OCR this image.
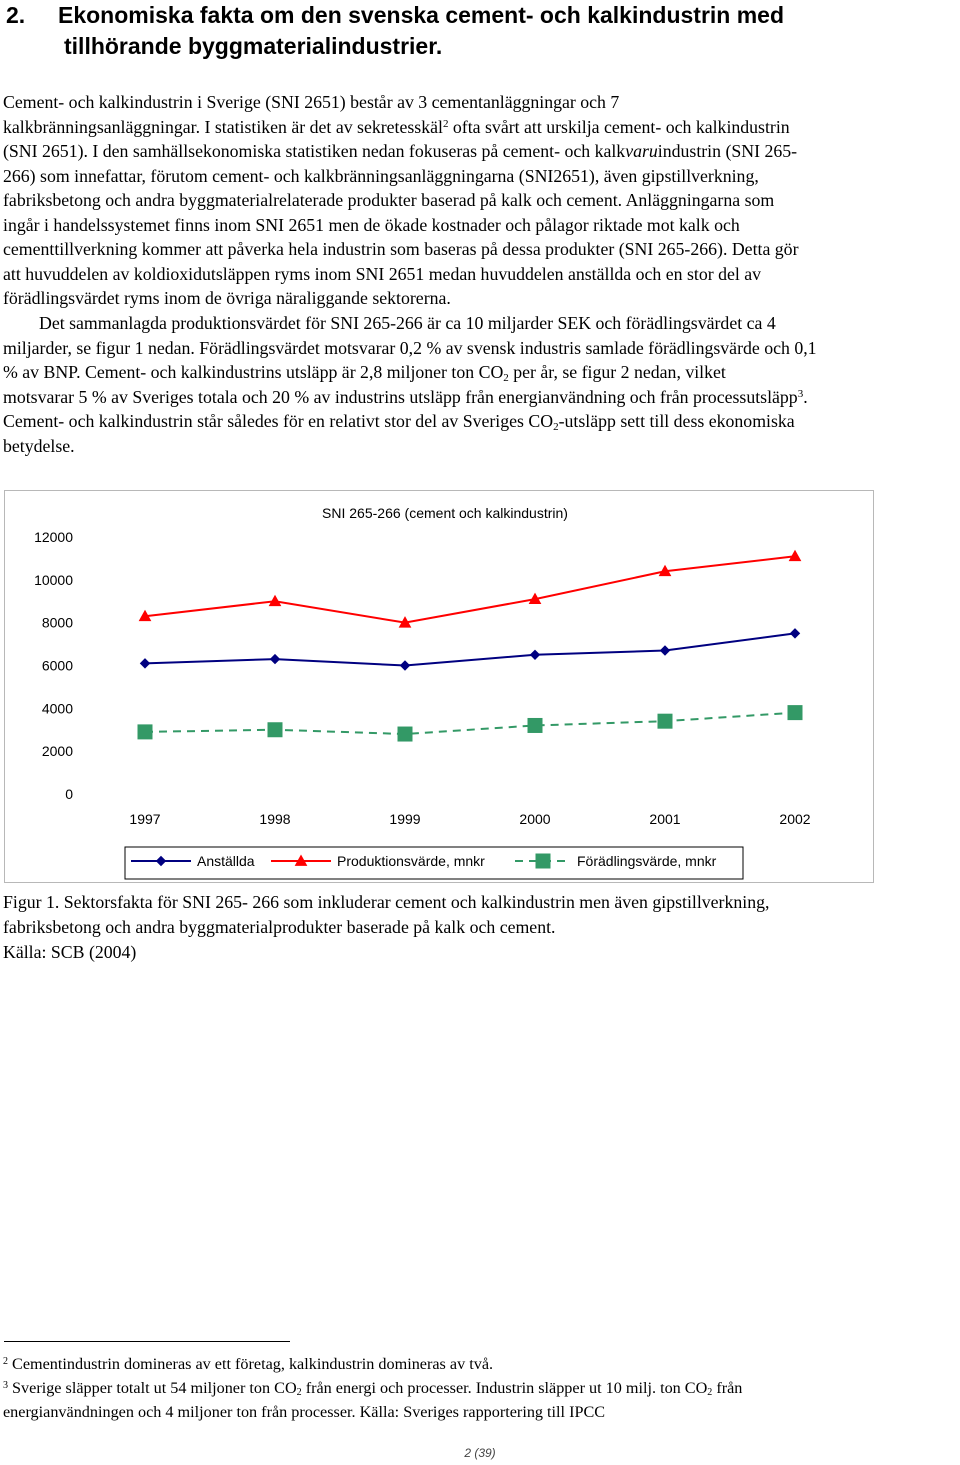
2. Ekonomiska fakta om den svenska cement- och kalkindustrin med
tillhörande byggmaterialindustrier.
Cement- och kalkindustrin i Sverige (SNI 2651) består av 3 cementanläggningar och 7
kalkbränningsanläggningar. I statistiken är det av sekretesskäl$^2$ ofta svårt att urskilja cement- och kalkindustrin
(SNI 2651). I den samhällsekonomiska statistiken nedan fokuseras på cement- och kalkvaruindustrin (SNI 265-
266) som innefattar, förutom cement- och kalkbränningsanläggningarna (SNI2651), även gipstillverkning,
fabriksbetong och andra byggmaterialrelaterade produkter baserad på kalk och cement. Anläggningarna som
ingår i handelssystemet finns inom SNI 2651 men de ökade kostnader och pålagor riktade mot kalk och
cementtillverkning kommer att påverka hela industrin som baseras på dessa produkter (SNI 265-266). Detta gör
att huvuddelen av koldioxidutsläppen ryms inom SNI 2651 medan huvuddelen anställda och en stor del av
förädlingsvärdet ryms inom de övriga näraliggande sektorerna.
Det sammanlagda produktionsvärdet för SNI 265-266 är ca 10 miljarder SEK och förädlingsvärdet ca 4
miljarder, se figur 1 nedan. Förädlingsvärdet motsvarar 0,2 % av svensk industris samlade förädlingsvärde och 0,1
% av BNP. Cement- och kalkindustrins utsläpp är 2,8 miljoner ton $CO_2$ per år, se figur 2 nedan, vilket
motsvarar 5 % av Sveriges totala och 20 % av industrins utsläpp från energianvändning och från processutsläpp$^3$.
Cement- och kalkindustrin står således för en relativt stor del av Sveriges $CO_2$-utsläpp sett till dess ekonomiska
betydelse.
SNI 265-266 (cement och kalkindustrin)
0
2000
4000
6000
8000
10000
12000
1997	1998	1999	2000	2001	2002
Anställda	Produktionsvärde, mnkr	Förädlingsvärde, mnkr
Figur 1. Sektorsfakta för SNI 265- 266 som inkluderar cement och kalkindustrin men även gipstillverkning,
fabriksbetong och andra byggmaterialprodukter baserade på kalk och cement.
Källa: SCB (2004)
$^2$ Cementindustrin domineras av ett företag, kalkindustrin domineras av två.
$^3$ Sverige släpper totalt ut 54 miljoner ton $CO_2$ från energi och processer. Industrin släpper ut 10 milj. ton $CO_2$ från
energianvändningen och 4 miljoner ton från processer. Källa: Sveriges rapportering till IPCC
2 (39)
